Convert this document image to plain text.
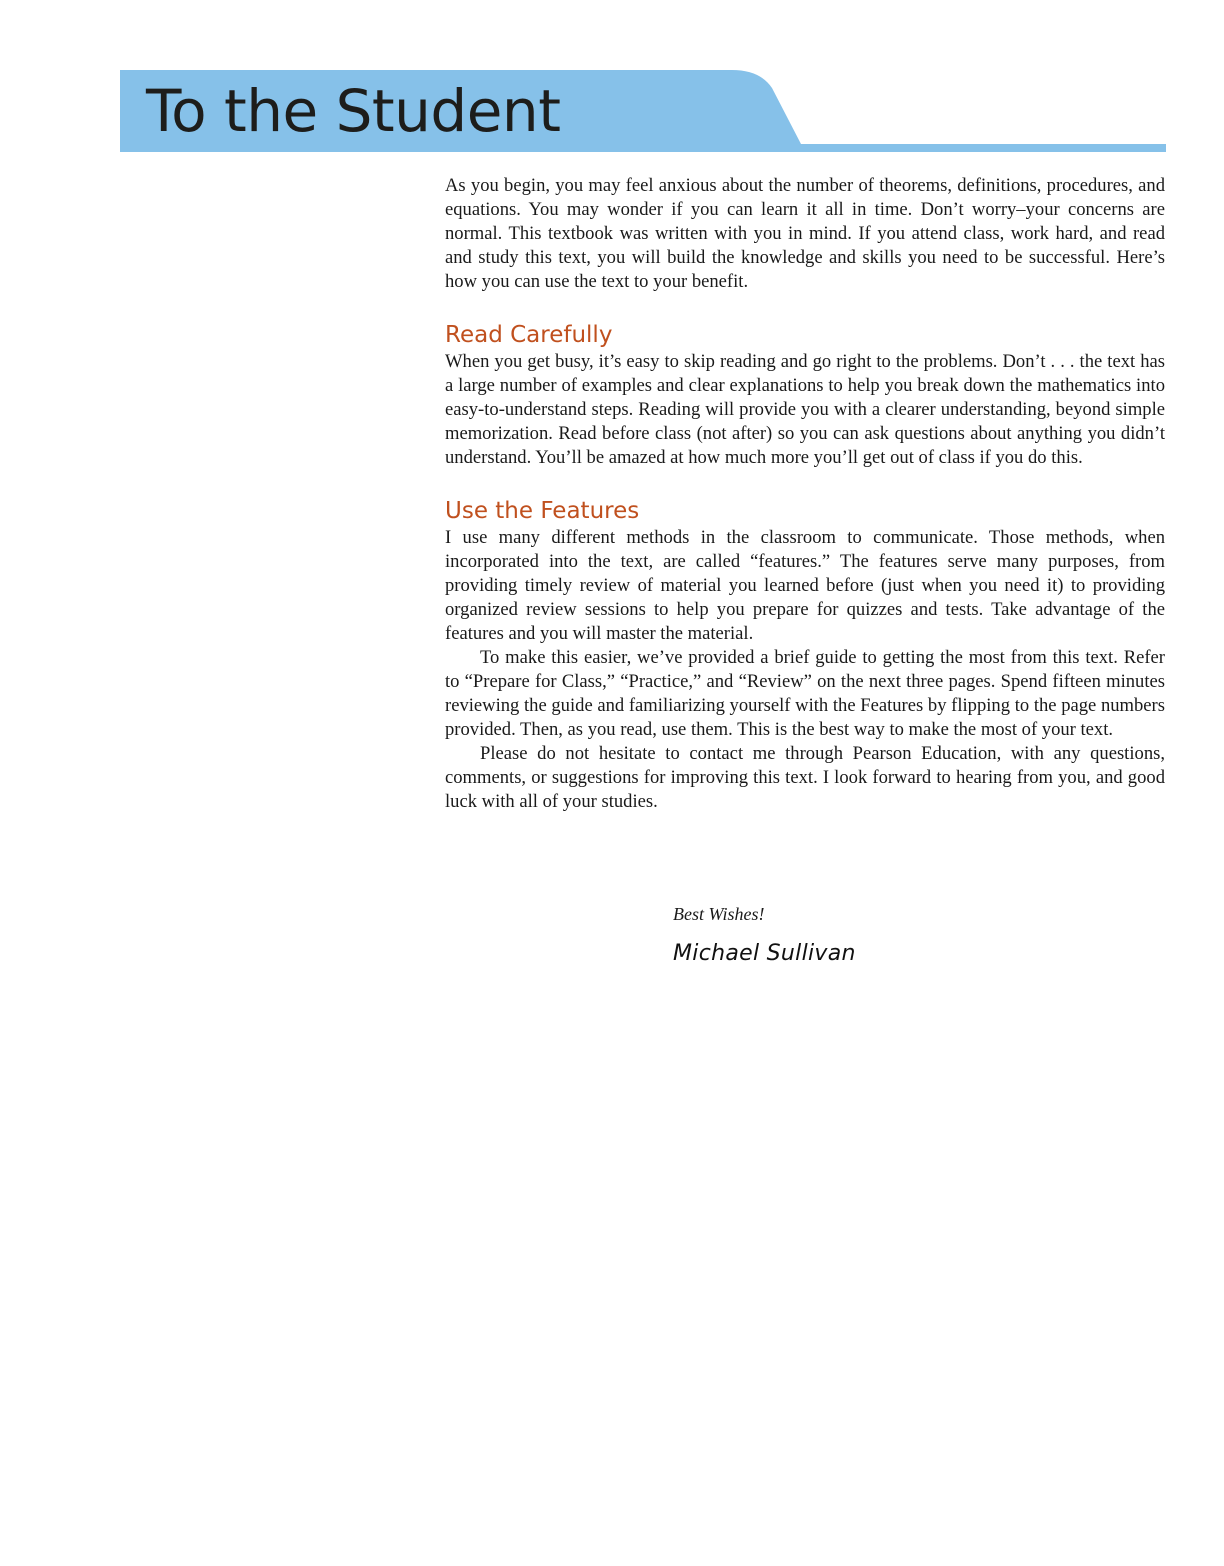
To the Student

As you begin, you may feel anxious about the number of theorems, definitions, procedures, and equations. You may wonder if you can learn it all in time. Don’t worry–your concerns are normal. This textbook was written with you in mind. If you attend class, work hard, and read and study this text, you will build the knowledge and skills you need to be successful. Here’s how you can use the text to your benefit.

Read Carefully

When you get busy, it’s easy to skip reading and go right to the problems. Don’t . . . the text has a large number of examples and clear explanations to help you break down the mathematics into easy-to-understand steps. Reading will provide you with a clearer understanding, beyond simple memorization. Read before class (not after) so you can ask questions about anything you didn’t understand. You’ll be amazed at how much more you’ll get out of class if you do this.

Use the Features

I use many different methods in the classroom to communicate. Those methods, when incorporated into the text, are called “features.” The features serve many purposes, from providing timely review of material you learned before (just when you need it) to providing organized review sessions to help you prepare for quizzes and tests. Take advantage of the features and you will master the material.

To make this easier, we’ve provided a brief guide to getting the most from this text. Refer to “Prepare for Class,” “Practice,” and “Review” on the next three pages. Spend fifteen minutes reviewing the guide and familiarizing yourself with the Features by flipping to the page numbers provided. Then, as you read, use them. This is the best way to make the most of your text.

Please do not hesitate to contact me through Pearson Education, with any questions, comments, or suggestions for improving this text. I look forward to hearing from you, and good luck with all of your studies.

Best Wishes!

Michael Sullivan
